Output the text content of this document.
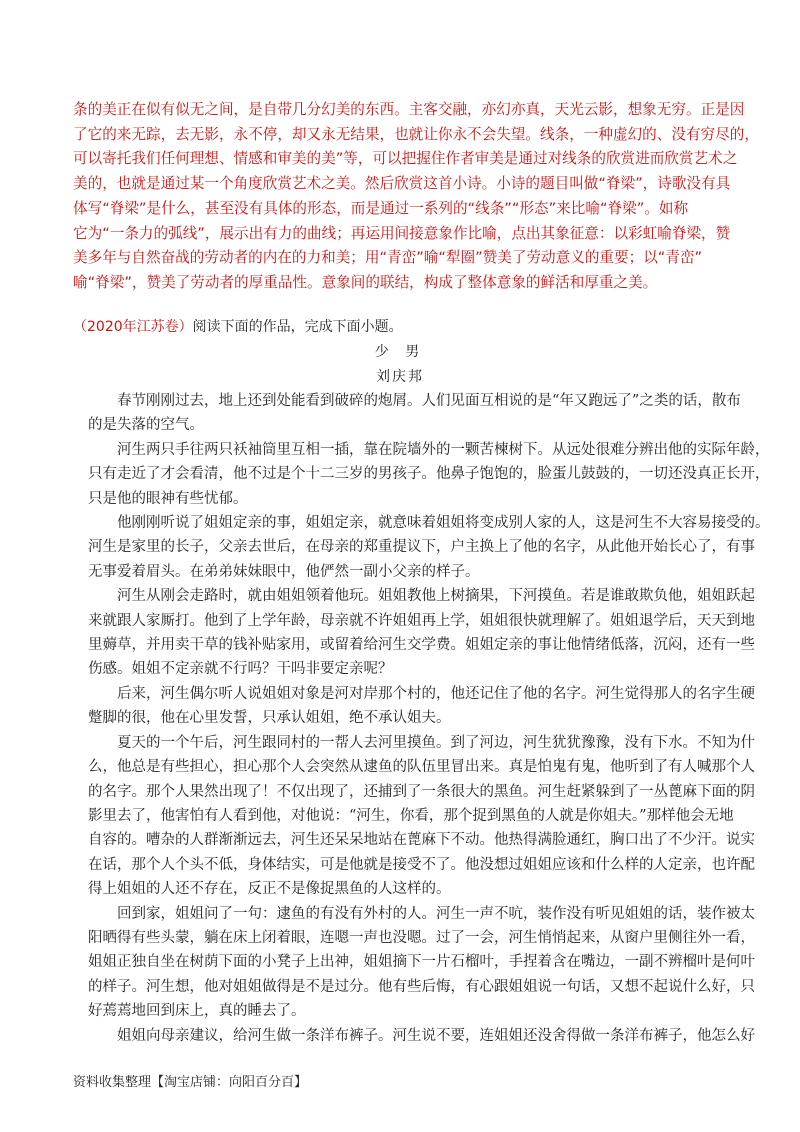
条的美正在似有似无之间，是自带几分幻美的东西。主客交融，亦幻亦真，天光云影，想象无穷。正是因

了它的来无踪，去无影，永不停，却又永无结果，也就让你永不会失望。线条，一种虚幻的、没有穷尽的，

可以寄托我们任何理想、情感和审美的美”等，可以把握住作者审美是通过对线条的欣赏进而欣赏艺术之

美的，也就是通过某一个角度欣赏艺术之美。然后欣赏这首小诗。小诗的题目叫做“脊梁”，诗歌没有具

体写“脊梁”是什么，甚至没有具体的形态，而是通过一系列的“线条”“形态”来比喻“脊梁”。如称

它为“一条力的弧线”，展示出有力的曲线；再运用间接意象作比喻，点出其象征意：以彩虹喻脊梁，赞

美多年与自然奋战的劳动者的内在的力和美；用“青峦”喻“犁圈”赞美了劳动意义的重要；以“青峦”

喻“脊梁”，赞美了劳动者的厚重品性。意象间的联结，构成了整体意象的鲜活和厚重之美。

（2020年江苏卷）阅读下面的作品，完成下面小题。
少 男
刘庆邦

春节刚刚过去，地上还到处能看到破碎的炮屑。人们见面互相说的是“年又跑远了”之类的话，散布

的是失落的空气。

河生两只手往两只袄袖筒里互相一插，靠在院墙外的一颗苦楝树下。从远处很难分辨出他的实际年龄，

只有走近了才会看清，他不过是个十二三岁的男孩子。他鼻子饱饱的，脸蛋儿鼓鼓的，一切还没真正长开，

只是他的眼神有些忧郁。

他刚刚听说了姐姐定亲的事，姐姐定亲，就意味着姐姐将变成别人家的人，这是河生不大容易接受的。

河生是家里的长子，父亲去世后，在母亲的郑重提议下，户主换上了他的名字，从此他开始长心了，有事

无事爱着眉头。在弟弟妹妹眼中，他俨然一副小父亲的样子。

河生从刚会走路时，就由姐姐领着他玩。姐姐教他上树摘果，下河摸鱼。若是谁敢欺负他，姐姐跃起

来就跟人家厮打。他到了上学年龄，母亲就不许姐姐再上学，姐姐很快就理解了。姐姐退学后，天天到地

里薅草，并用卖干草的钱补贴家用，或留着给河生交学费。姐姐定亲的事让他情绪低落，沉闷，还有一些

伤感。姐姐不定亲就不行吗？干吗非要定亲呢？

后来，河生偶尔听人说姐姐对象是河对岸那个村的，他还记住了他的名字。河生觉得那人的名字生硬

蹩脚的很，他在心里发誓，只承认姐姐，绝不承认姐夫。

夏天的一个午后，河生跟同村的一帮人去河里摸鱼。到了河边，河生犹犹豫豫，没有下水。不知为什

么，他总是有些担心，担心那个人会突然从逮鱼的队伍里冒出来。真是怕鬼有鬼，他听到了有人喊那个人

的名字。那个人果然出现了！不仅出现了，还捕到了一条很大的黑鱼。河生赶紧躲到了一丛蓖麻下面的阴

影里去了，他害怕有人看到他，对他说：“河生，你看，那个捉到黑鱼的人就是你姐夫。”那样他会无地

自容的。嘈杂的人群渐渐远去，河生还呆呆地站在蓖麻下不动。他热得满脸通红，胸口出了不少汗。说实

在话，那个人个头不低，身体结实，可是他就是接受不了。他没想过姐姐应该和什么样的人定亲，也许配

得上姐姐的人还不存在，反正不是像捉黑鱼的人这样的。

回到家，姐姐问了一句：逮鱼的有没有外村的人。河生一声不吭，装作没有听见姐姐的话，装作被太

阳晒得有些头蒙，躺在床上闭着眼，连嗯一声也没嗯。过了一会，河生悄悄起来，从窗户里侧往外一看，

姐姐正独自坐在树荫下面的小凳子上出神，姐姐摘下一片石榴叶，手捏着含在嘴边，一副不辨榴叶是何叶

的样子。河生想，他对姐姐做得是不是过分。他有些后悔，有心跟姐姐说一句话，又想不起说什么好，只

好蔫蔫地回到床上，真的睡去了。

姐姐向母亲建议，给河生做一条洋布裤子。河生说不要，连姐姐还没舍得做一条洋布裤子，他怎么好

资料收集整理【淘宝店铺：向阳百分百】
